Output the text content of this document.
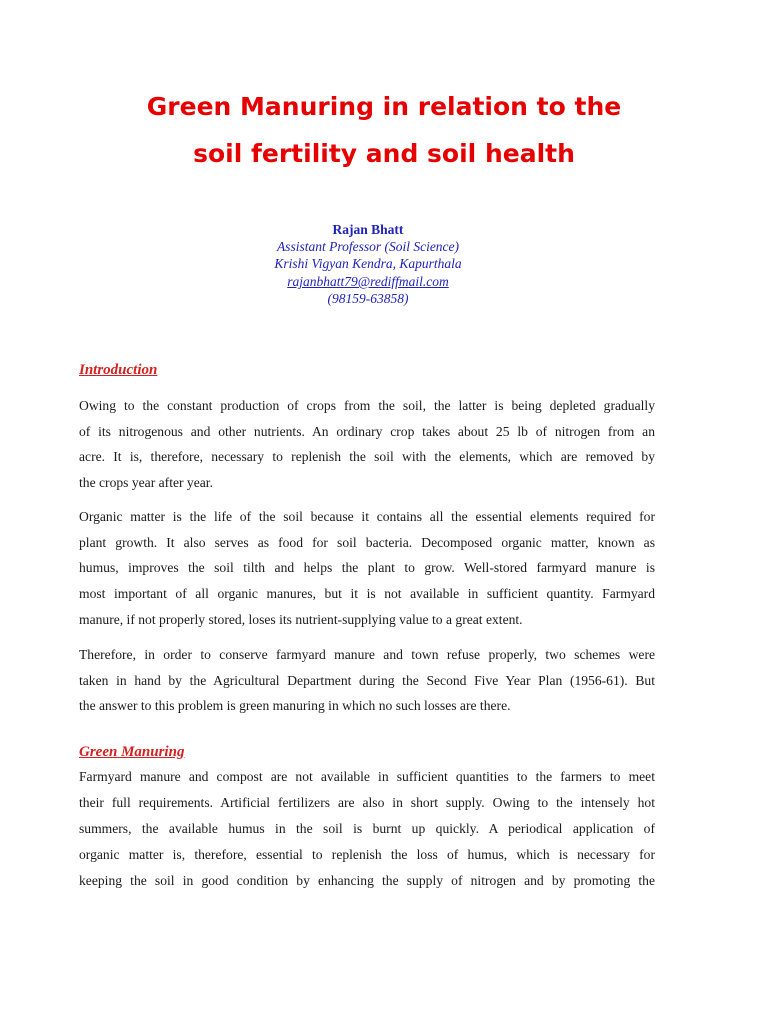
Green Manuring in relation to the
soil fertility and soil health
Rajan Bhatt
Assistant Professor (Soil Science)
Krishi Vigyan Kendra, Kapurthala
rajanbhatt79@rediffmail.com
(98159-63858)
Introduction
Owing to the constant production of crops from the soil, the latter is being depleted gradually
of its nitrogenous and other nutrients. An ordinary crop takes about 25 lb of nitrogen from an
acre. It is, therefore, necessary to replenish the soil with the elements, which are removed by
the crops year after year.
Organic matter is the life of the soil because it contains all the essential elements required for
plant growth. It also serves as food for soil bacteria. Decomposed organic matter, known as
humus, improves the soil tilth and helps the plant to grow. Well-stored farmyard manure is
most important of all organic manures, but it is not available in sufficient quantity. Farmyard
manure, if not properly stored, loses its nutrient-supplying value to a great extent.
Therefore, in order to conserve farmyard manure and town refuse properly, two schemes were
taken in hand by the Agricultural Department during the Second Five Year Plan (1956-61). But
the answer to this problem is green manuring in which no such losses are there.
Green Manuring
Farmyard manure and compost are not available in sufficient quantities to the farmers to meet
their full requirements. Artificial fertilizers are also in short supply. Owing to the intensely hot
summers, the available humus in the soil is burnt up quickly. A periodical application of
organic matter is, therefore, essential to replenish the loss of humus, which is necessary for
keeping the soil in good condition by enhancing the supply of nitrogen and by promoting the
